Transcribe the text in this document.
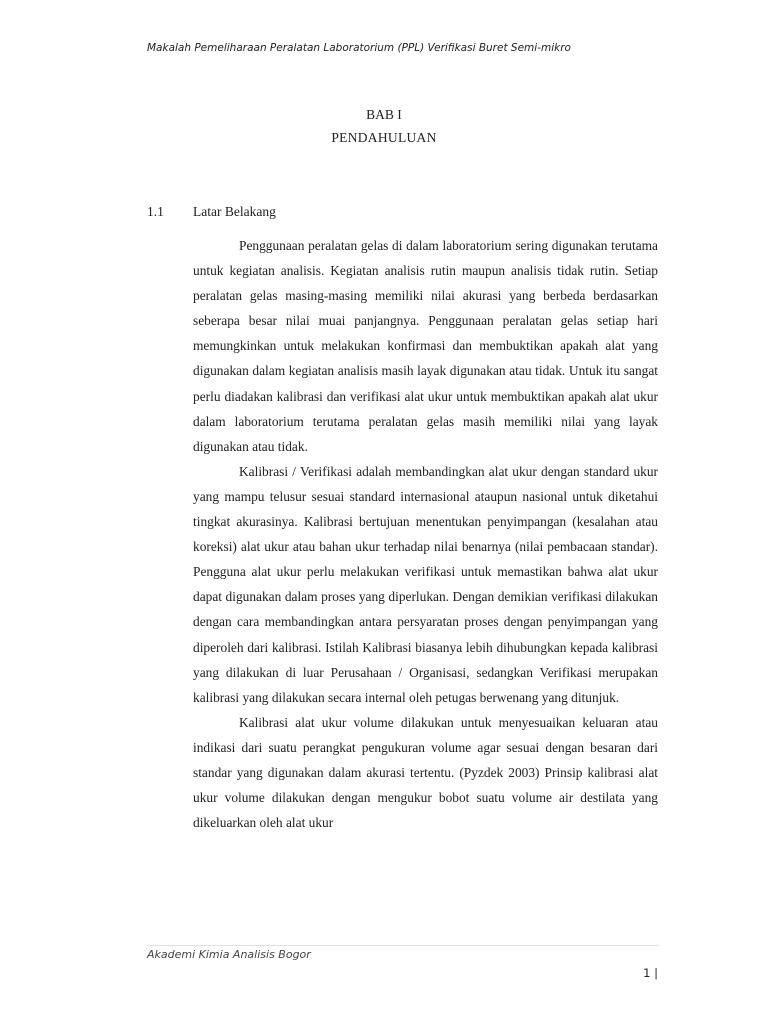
Makalah Pemeliharaan Peralatan Laboratorium (PPL) Verifikasi Buret Semi-mikro
BAB I
PENDAHULUAN
1.1 Latar Belakang

Penggunaan peralatan gelas di dalam laboratorium sering digunakan terutama untuk kegiatan analisis. Kegiatan analisis rutin maupun analisis tidak rutin. Setiap peralatan gelas masing-masing memiliki nilai akurasi yang berbeda berdasarkan seberapa besar nilai muai panjangnya. Penggunaan peralatan gelas setiap hari memungkinkan untuk melakukan konfirmasi dan membuktikan apakah alat yang digunakan dalam kegiatan analisis masih layak digunakan atau tidak. Untuk itu sangat perlu diadakan kalibrasi dan verifikasi alat ukur untuk membuktikan apakah alat ukur dalam laboratorium terutama peralatan gelas masih memiliki nilai yang layak digunakan atau tidak.

Kalibrasi / Verifikasi adalah membandingkan alat ukur dengan standard ukur yang mampu telusur sesuai standard internasional ataupun nasional untuk diketahui tingkat akurasinya. Kalibrasi bertujuan menentukan penyimpangan (kesalahan atau koreksi) alat ukur atau bahan ukur terhadap nilai benarnya (nilai pembacaan standar). Pengguna alat ukur perlu melakukan verifikasi untuk memastikan bahwa alat ukur dapat digunakan dalam proses yang diperlukan. Dengan demikian verifikasi dilakukan dengan cara membandingkan antara persyaratan proses dengan penyimpangan yang diperoleh dari kalibrasi. Istilah Kalibrasi biasanya lebih dihubungkan kepada kalibrasi yang dilakukan di luar Perusahaan / Organisasi, sedangkan Verifikasi merupakan kalibrasi yang dilakukan secara internal oleh petugas berwenang yang ditunjuk.

Kalibrasi alat ukur volume dilakukan untuk menyesuaikan keluaran atau indikasi dari suatu perangkat pengukuran volume agar sesuai dengan besaran dari standar yang digunakan dalam akurasi tertentu. (Pyzdek 2003) Prinsip kalibrasi alat ukur volume dilakukan dengan mengukur bobot suatu volume air destilata yang dikeluarkan oleh alat ukur

Akademi Kimia Analisis Bogor
1 |
